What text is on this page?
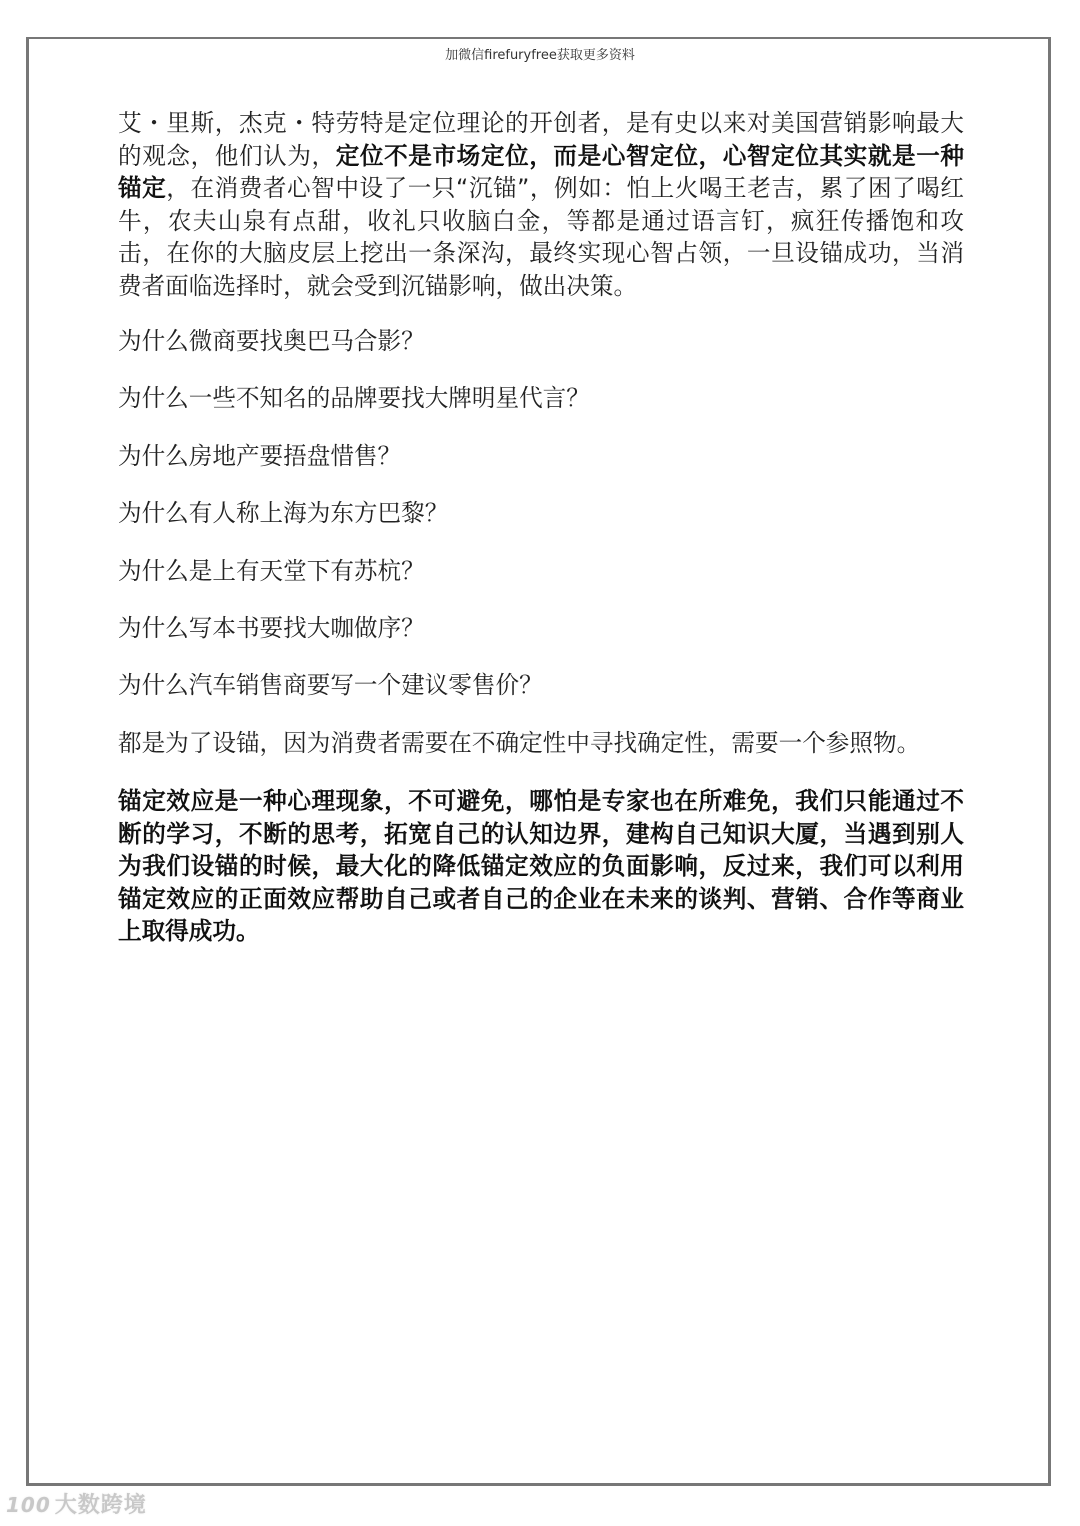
加微信firefuryfree获取更多资料

艾・里斯，杰克・特劳特是定位理论的开创者，是有史以来对美国营销影响最大的观念，他们认为，定位不是市场定位，而是心智定位，心智定位其实就是一种锚定，在消费者心智中设了一只“沉锚”，例如：怕上火喝王老吉，累了困了喝红牛，农夫山泉有点甜，收礼只收脑白金，等都是通过语言钉，疯狂传播饱和攻击，在你的大脑皮层上挖出一条深沟，最终实现心智占领，一旦设锚成功，当消费者面临选择时，就会受到沉锚影响，做出决策。

为什么微商要找奥巴马合影？

为什么一些不知名的品牌要找大牌明星代言？

为什么房地产要捂盘惜售？

为什么有人称上海为东方巴黎？

为什么是上有天堂下有苏杭？

为什么写本书要找大咖做序？

为什么汽车销售商要写一个建议零售价？

都是为了设锚，因为消费者需要在不确定性中寻找确定性，需要一个参照物。

锚定效应是一种心理现象，不可避免，哪怕是专家也在所难免，我们只能通过不断的学习，不断的思考，拓宽自己的认知边界，建构自己知识大厦，当遇到别人为我们设锚的时候，最大化的降低锚定效应的负面影响，反过来，我们可以利用锚定效应的正面效应帮助自己或者自己的企业在未来的谈判、营销、合作等商业上取得成功。

100 大数跨境
